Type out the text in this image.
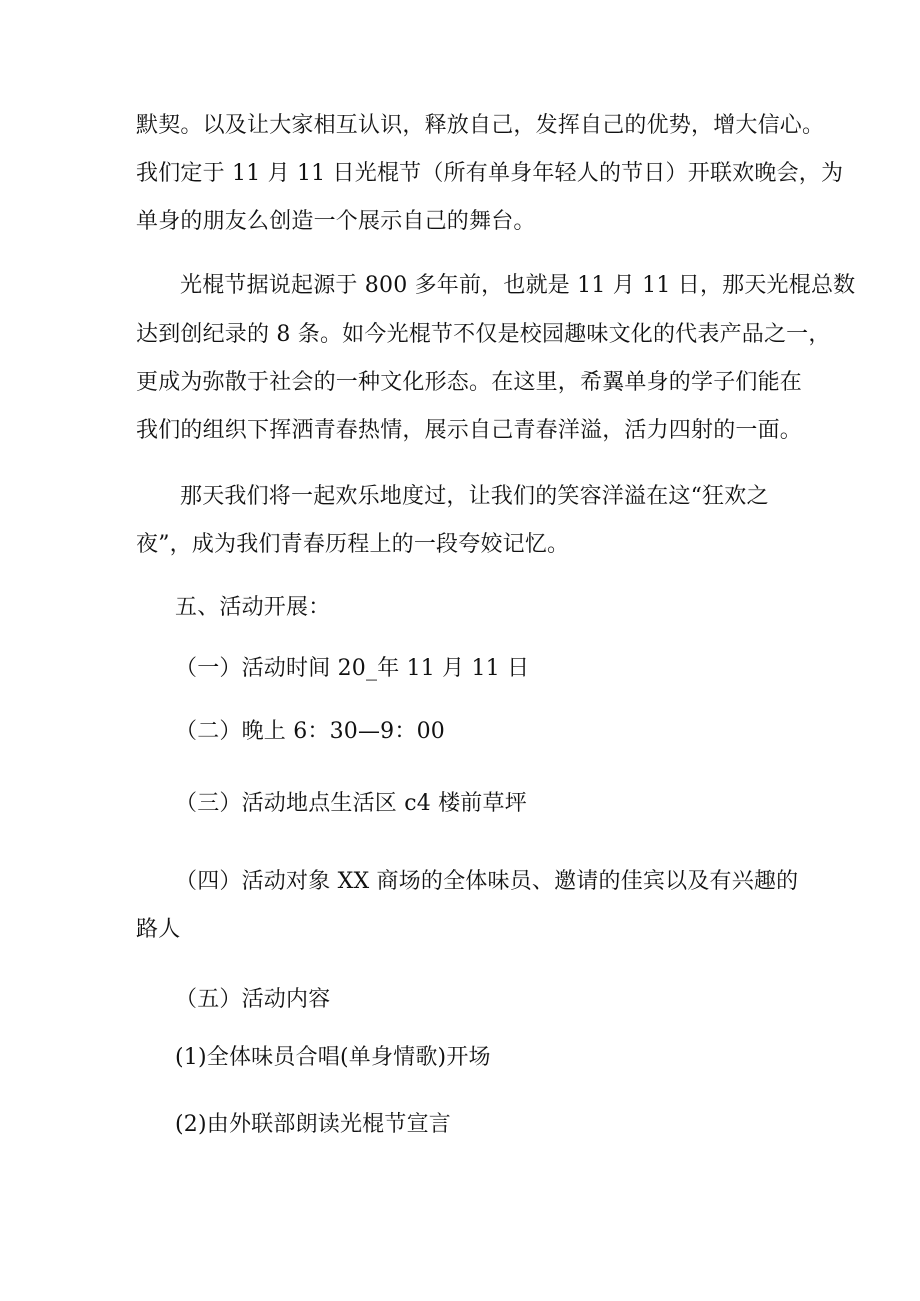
默契。以及让大家相互认识，释放自己，发挥自己的优势，增大信心。
我们定于 11 月 11 日光棍节（所有单身年轻人的节日）开联欢晚会，为
单身的朋友么创造一个展示自己的舞台。
光棍节据说起源于 800 多年前，也就是 11 月 11 日，那天光棍总数
达到创纪录的 8 条。如今光棍节不仅是校园趣味文化的代表产品之一，
更成为弥散于社会的一种文化形态。在这里，希翼单身的学子们能在
我们的组织下挥洒青春热情，展示自己青春洋溢，活力四射的一面。
那天我们将一起欢乐地度过，让我们的笑容洋溢在这“狂欢之
夜”，成为我们青春历程上的一段夸姣记忆。
五、活动开展：
（一）活动时间 20_年 11 月 11 日
（二）晚上 6：30—9：00
（三）活动地点生活区 c4 楼前草坪
（四）活动对象 XX 商场的全体味员、邀请的佳宾以及有兴趣的
路人
（五）活动内容
(1)全体味员合唱(单身情歌)开场
(2)由外联部朗读光棍节宣言
